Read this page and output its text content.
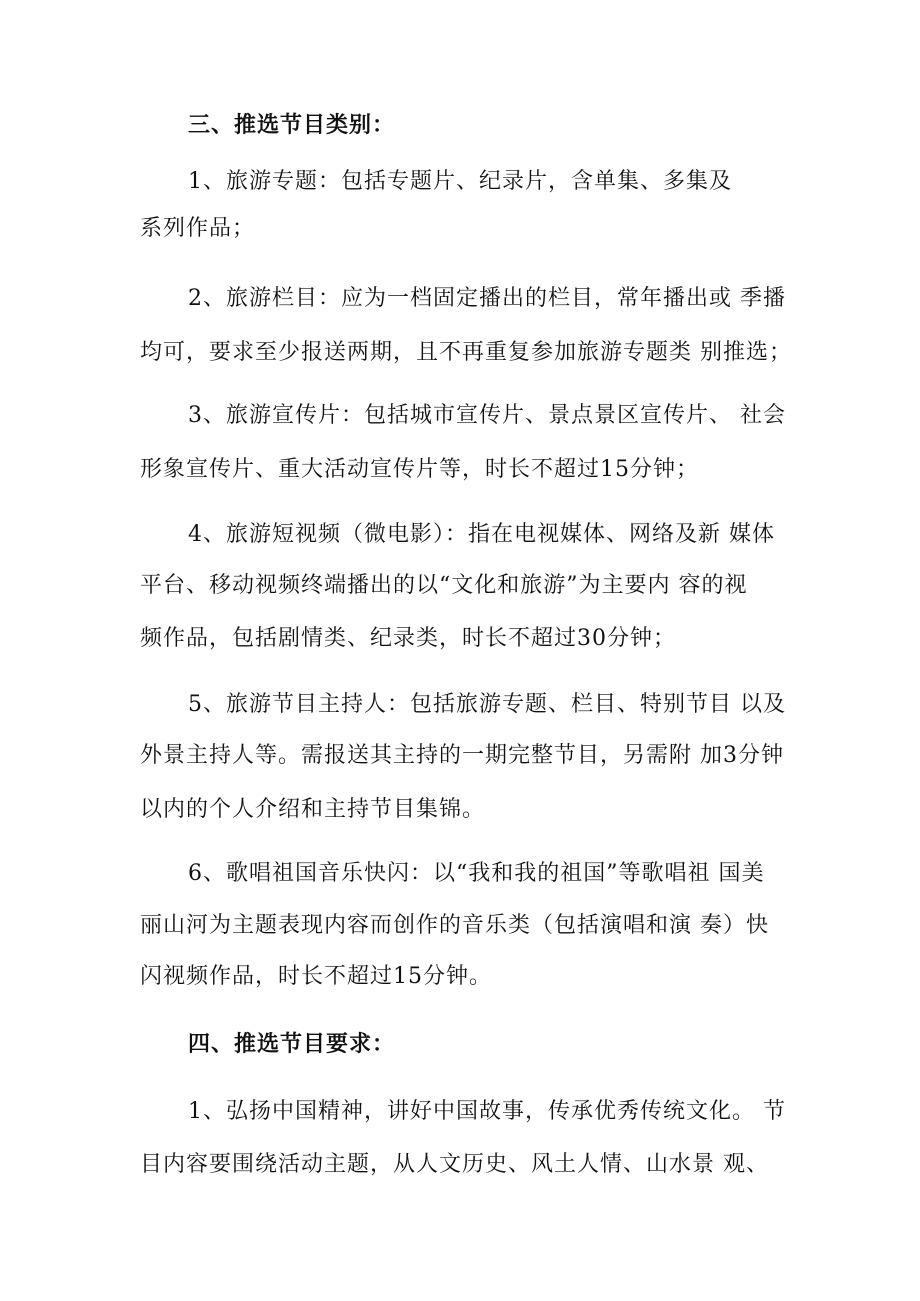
三、推选节目类别：
1、旅游专题：包括专题片、纪录片，含单集、多集及
系列作品；
2、旅游栏目：应为一档固定播出的栏目，常年播出或 季播
均可，要求至少报送两期，且不再重复参加旅游专题类 别推选；
3、旅游宣传片：包括城市宣传片、景点景区宣传片、 社会
形象宣传片、重大活动宣传片等，时长不超过15分钟；
4、旅游短视频（微电影）：指在电视媒体、网络及新 媒体
平台、移动视频终端播出的以“文化和旅游”为主要内 容的视
频作品，包括剧情类、纪录类，时长不超过30分钟；
5、旅游节目主持人：包括旅游专题、栏目、特别节目 以及
外景主持人等。需报送其主持的一期完整节目，另需附 加3分钟
以内的个人介绍和主持节目集锦。
6、歌唱祖国音乐快闪：以“我和我的祖国”等歌唱祖 国美
丽山河为主题表现内容而创作的音乐类（包括演唱和演 奏）快
闪视频作品，时长不超过15分钟。
四、推选节目要求：
1、弘扬中国精神，讲好中国故事，传承优秀传统文化。 节
目内容要围绕活动主题，从人文历史、风土人情、山水景 观、
